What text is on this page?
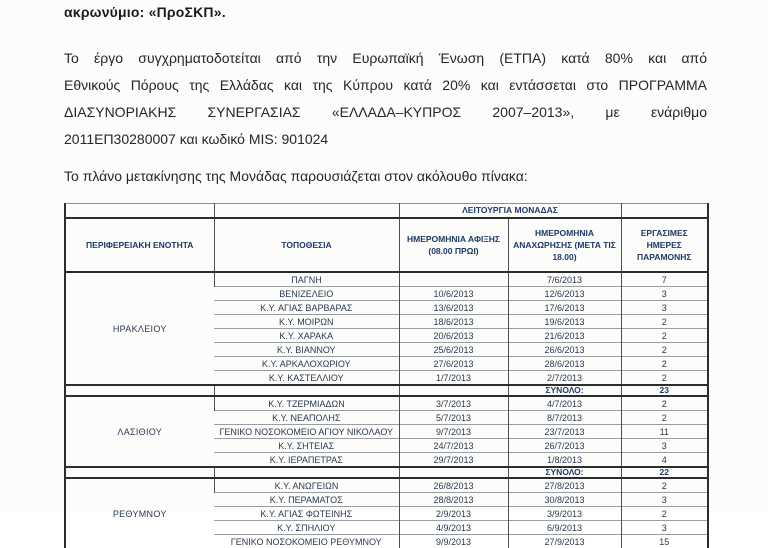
ακρωνύμιο: «ΠροΣΚΠ».
Το έργο συγχρηματοδοτείται από την Ευρωπαϊκή Ένωση (ΕΤΠΑ) κατά 80% και από
Εθνικούς Πόρους της Ελλάδας και της Κύπρου κατά 20% και εντάσσεται στο ΠΡΟΓΡΑΜΜΑ
ΔΙΑΣΥΝΟΡΙΑΚΗΣ ΣΥΝΕΡΓΑΣΙΑΣ «ΕΛΛΑΔΑ–ΚΥΠΡΟΣ 2007–2013», με ενάριθμο
2011ΕΠ30280007 και κωδικό MIS: 901024
Το πλάνο μετακίνησης της Μονάδας παρουσιάζεται στον ακόλουθο πίνακα:
		ΛΕΙΤΟΥΡΓΙΑ ΜΟΝΑΔΑΣ		
ΠΕΡΙΦΕΡΕΙΑΚΗ ΕΝΟΤΗΤΑ	ΤΟΠΟΘΕΣΙΑ	ΗΜΕΡΟΜΗΝΙΑ ΑΦΙΞΗΣ (08.00 ΠΡΩΙ)	ΗΜΕΡΟΜΗΝΙΑ ΑΝΑΧΩΡΗΣΗΣ (ΜΕΤΑ ΤΙΣ 18.00)	ΕΡΓΑΣΙΜΕΣ ΗΜΕΡΕΣ ΠΑΡΑΜΟΝΗΣ
ΗΡΑΚΛΕΙΟΥ	ΠΑΓΝΗ		7/6/2013	7
	ΒΕΝΙΖΕΛΕΙΟ	10/6/2013	12/6/2013	3
	Κ.Υ. ΑΓΙΑΣ ΒΑΡΒΑΡΑΣ	13/6/2013	17/6/2013	3
	Κ.Υ. ΜΟΙΡΩΝ	18/6/2013	19/6/2013	2
	Κ.Υ. ΧΑΡΑΚΑ	20/6/2013	21/6/2013	2
	Κ.Υ. ΒΙΑΝΝΟΥ	25/6/2013	26/6/2013	2
	Κ.Υ. ΑΡΚΑΛΟΧΩΡΙΟΥ	27/6/2013	28/6/2013	2
	Κ.Υ. ΚΑΣΤΕΛΛΙΟΥ	1/7/2013	2/7/2013	2
			ΣΥΝΟΛΟ:	23
ΛΑΣΙΘΙΟΥ	Κ.Υ. ΤΖΕΡΜΙΑΔΩΝ	3/7/2013	4/7/2013	2
	Κ.Υ. ΝΕΑΠΟΛΗΣ	5/7/2013	8/7/2013	2
	ΓΕΝΙΚΟ ΝΟΣΟΚΟΜΕΙΟ ΑΓΙΟΥ ΝΙΚΟΛΑΟΥ	9/7/2013	23/7/2013	11
	Κ.Υ. ΣΗΤΕΙΑΣ	24/7/2013	26/7/2013	3
	Κ.Υ. ΙΕΡΑΠΕΤΡΑΣ	29/7/2013	1/8/2013	4
			ΣΥΝΟΛΟ:	22
ΡΕΘΥΜΝΟΥ	Κ.Υ. ΑΝΩΓΕΙΩΝ	26/8/2013	27/8/2013	2
	Κ.Υ. ΠΕΡΑΜΑΤΟΣ	28/8/2013	30/8/2013	3
	Κ.Υ. ΑΓΙΑΣ ΦΩΤΕΙΝΗΣ	2/9/2013	3/9/2013	2
	Κ.Υ. ΣΠΗΛΙΟΥ	4/9/2013	6/9/2013	3
	ΓΕΝΙΚΟ ΝΟΣΟΚΟΜΕΙΟ ΡΕΘΥΜΝΟΥ	9/9/2013	27/9/2013	15
